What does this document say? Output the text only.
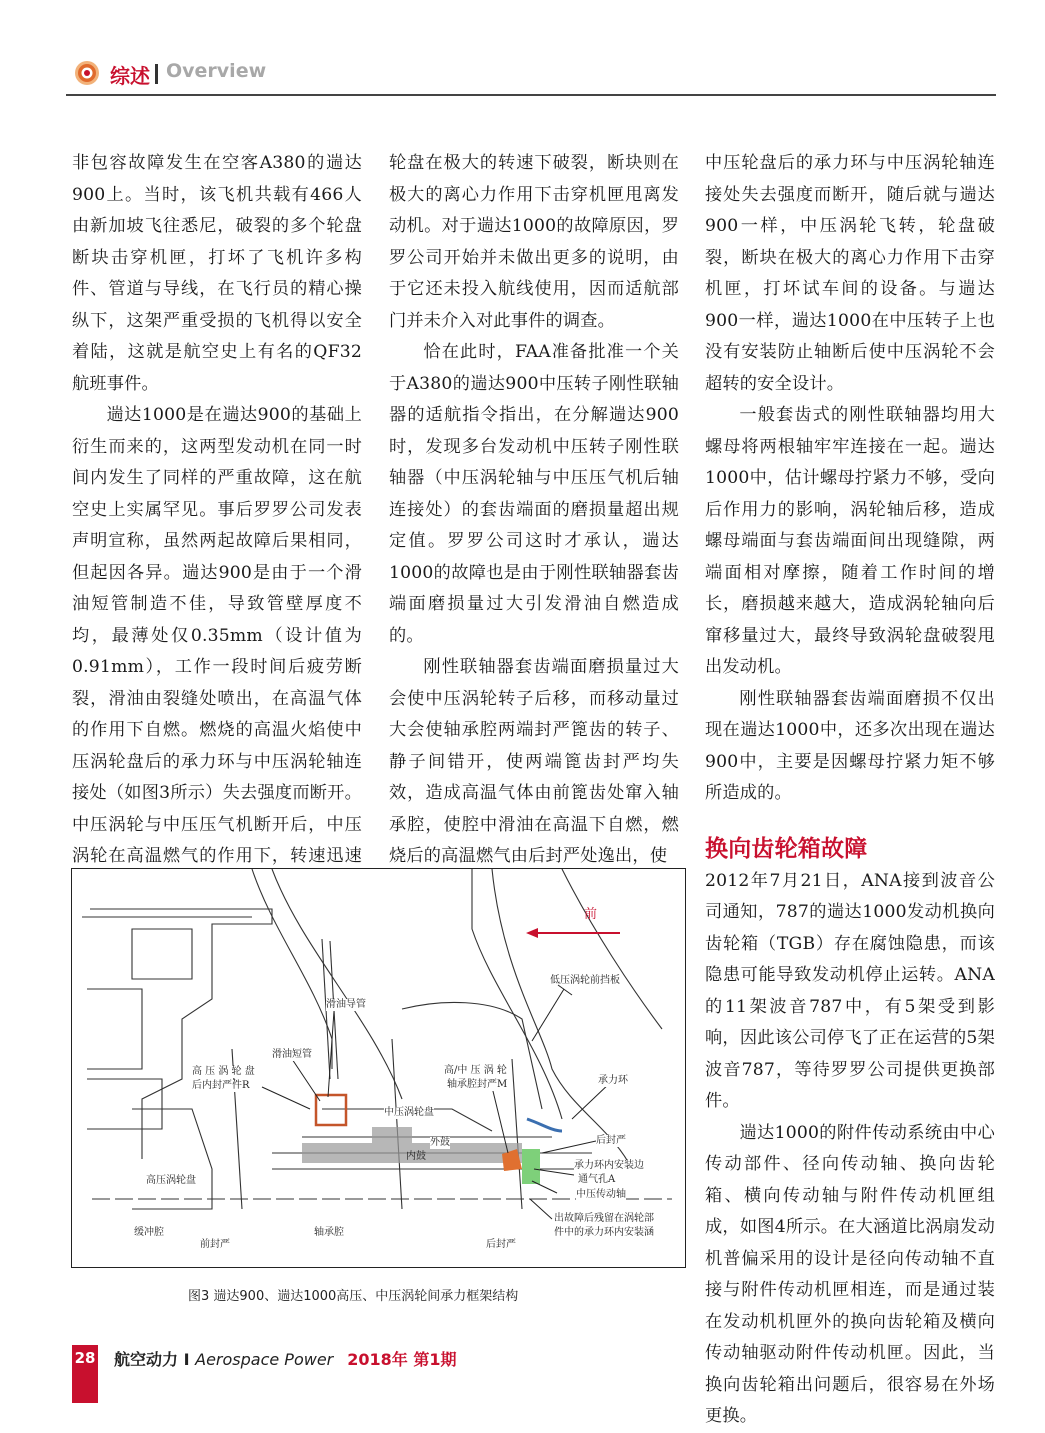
综述 Overview

非包容故障发生在空客A380的遄达900上。当时，该飞机共载有466人由新加坡飞往悉尼，破裂的多个轮盘断块击穿机匣，打坏了飞机许多构件、管道与导线，在飞行员的精心操纵下，这架严重受损的飞机得以安全着陆，这就是航空史上有名的QF32航班事件。

遄达1000是在遄达900的基础上衍生而来的，这两型发动机在同一时间内发生了同样的严重故障，这在航空史上实属罕见。事后罗罗公司发表声明宣称，虽然两起故障后果相同，但起因各异。遄达900是由于一个滑油短管制造不佳，导致管壁厚度不均，最薄处仅0.35mm（设计值为0.91mm），工作一段时间后疲劳断裂，滑油由裂缝处喷出，在高温气体的作用下自燃。燃烧的高温火焰使中压涡轮盘后的承力环与中压涡轮轴连接处（如图3所示）失去强度而断开。中压涡轮与中压压气机断开后，中压涡轮在高温燃气的作用下，转速迅速

轮盘在极大的转速下破裂，断块则在极大的离心力作用下击穿机匣甩离发动机。对于遄达1000的故障原因，罗罗公司开始并未做出更多的说明，由于它还未投入航线使用，因而适航部门并未介入对此事件的调查。

恰在此时，FAA准备批准一个关于A380的遄达900中压转子刚性联轴器的适航指令指出，在分解遄达900时，发现多台发动机中压转子刚性联轴器（中压涡轮轴与中压压气机后轴连接处）的套齿端面的磨损量超出规定值。罗罗公司这时才承认，遄达1000的故障也是由于刚性联轴器套齿端面磨损量过大引发滑油自燃造成的。

刚性联轴器套齿端面磨损量过大会使中压涡轮转子后移，而移动量过大会使轴承腔两端封严篦齿的转子、静子间错开，使两端篦齿封严均失效，造成高温气体由前篦齿处窜入轴承腔，使腔中滑油在高温下自燃，燃烧后的高温燃气由后封严处逸出，使

中压轮盘后的承力环与中压涡轮轴连接处失去强度而断开，随后就与遄达900一样，中压涡轮飞转，轮盘破裂，断块在极大的离心力作用下击穿机匣，打坏试车间的设备。与遄达900一样，遄达1000在中压转子上也没有安装防止轴断后使中压涡轮不会超转的安全设计。

一般套齿式的刚性联轴器均用大螺母将两根轴牢牢连接在一起。遄达1000中，估计螺母拧紧力不够，受向后作用力的影响，涡轮轴后移，造成螺母端面与套齿端面间出现缝隙，两端面相对摩擦，随着工作时间的增长，磨损越来越大，造成涡轮轴向后窜移量过大，最终导致涡轮盘破裂甩出发动机。

刚性联轴器套齿端面磨损不仅出现在遄达1000中，还多次出现在遄达900中，主要是因螺母拧紧力矩不够所造成的。

换向齿轮箱故障

2012年7月21日，ANA接到波音公司通知，787的遄达1000发动机换向齿轮箱（TGB）存在腐蚀隐患，而该隐患可能导致发动机停止运转。ANA的11架波音787中，有5架受到影响，因此该公司停飞了正在运营的5架波音787，等待罗罗公司提供更换部件。

遄达1000的附件传动系统由中心传动部件、径向传动轴、换向齿轮箱、横向传动轴与附件传动机匣组成，如图4所示。在大涵道比涡扇发动机普偏采用的设计是径向传动轴不直接与附件传动机匣相连，而是通过装在发动机机匣外的换向齿轮箱及横向传动轴驱动附件传动机匣。因此，当换向齿轮箱出问题后，很容易在外场更换。

前
低压涡轮前挡板
滑油导管
滑油短管
高 压 涡 轮 盘
后内封严件R
高/中 压 涡 轮
轴承腔封严M	承力环
中压涡轮盘
外鼓
内鼓
后封严
承力环内安装边
通气孔A
中压传动轴
高压涡轮盘
出故障后残留在涡轮部
件中的承力环内安装涵
缓冲腔
前封严
轴承腔
后封严
图3 遄达900、遄达1000高压、中压涡轮间承力框架结构
28 航空动力 I Aerospace Power 2018年 第1期
